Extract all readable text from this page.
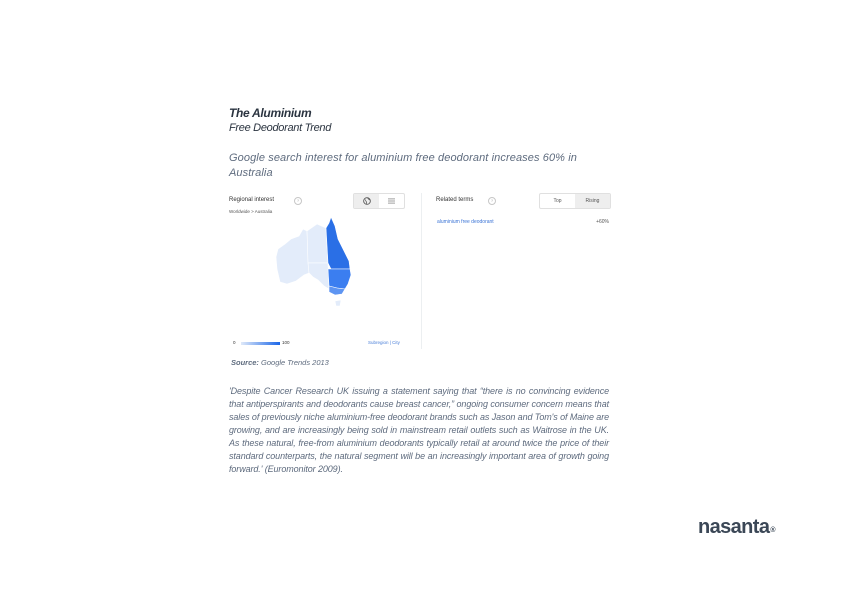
The Aluminium
Free Deodorant Trend
Google search interest for aluminium free deodorant increases 60% in Australia
Regional interest	?
Worldwide > Australia
0	100	Subregion | City
Related terms	?	Top	Rising
aluminium free deodorant	+60%
Source: Google Trends 2013
'Despite Cancer Research UK issuing a statement saying that “there is no convincing evidence that antiperspirants and deodorants cause breast cancer,” ongoing consumer concern means that sales of previously niche aluminium-free deodorant brands such as Jason and Tom's of Maine are growing, and are increasingly being sold in mainstream retail outlets such as Waitrose in the UK. As these natural, free-from aluminium deodorants typically retail at around twice the price of their standard counterparts, the natural segment will be an increasingly important area of growth going forward.' (Euromonitor 2009).
nasanta®
